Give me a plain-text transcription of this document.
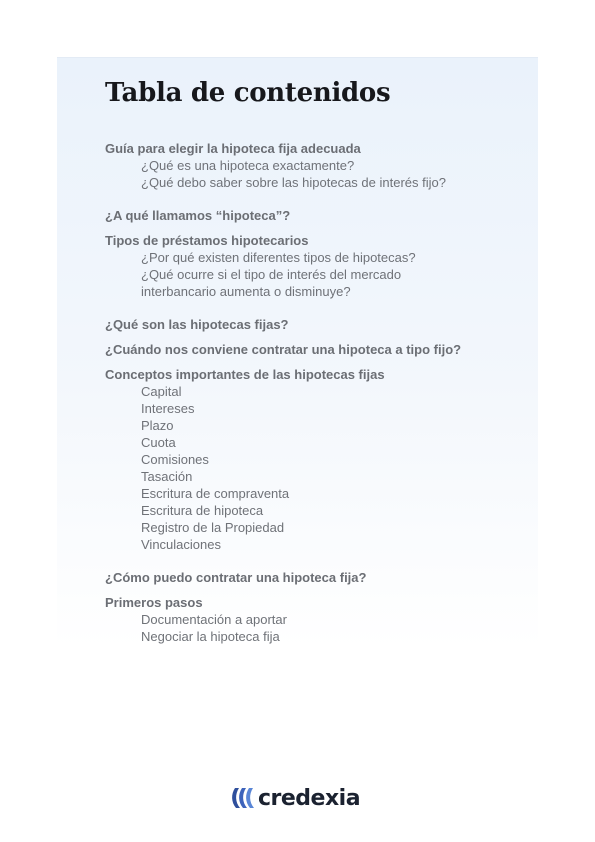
Tabla de contenidos
Guía para elegir la hipoteca fija adecuada
¿Qué es una hipoteca exactamente?
¿Qué debo saber sobre las hipotecas de interés fijo?
¿A qué llamamos “hipoteca”?
Tipos de préstamos hipotecarios
¿Por qué existen diferentes tipos de hipotecas?
¿Qué ocurre si el tipo de interés del mercado
interbancario aumenta o disminuye?
¿Qué son las hipotecas fijas?
¿Cuándo nos conviene contratar una hipoteca a tipo fijo?
Conceptos importantes de las hipotecas fijas
Capital
Intereses
Plazo
Cuota
Comisiones
Tasación
Escritura de compraventa
Escritura de hipoteca
Registro de la Propiedad
Vinculaciones
¿Cómo puedo contratar una hipoteca fija?
Primeros pasos
Documentación a aportar
Negociar la hipoteca fija
credexia
